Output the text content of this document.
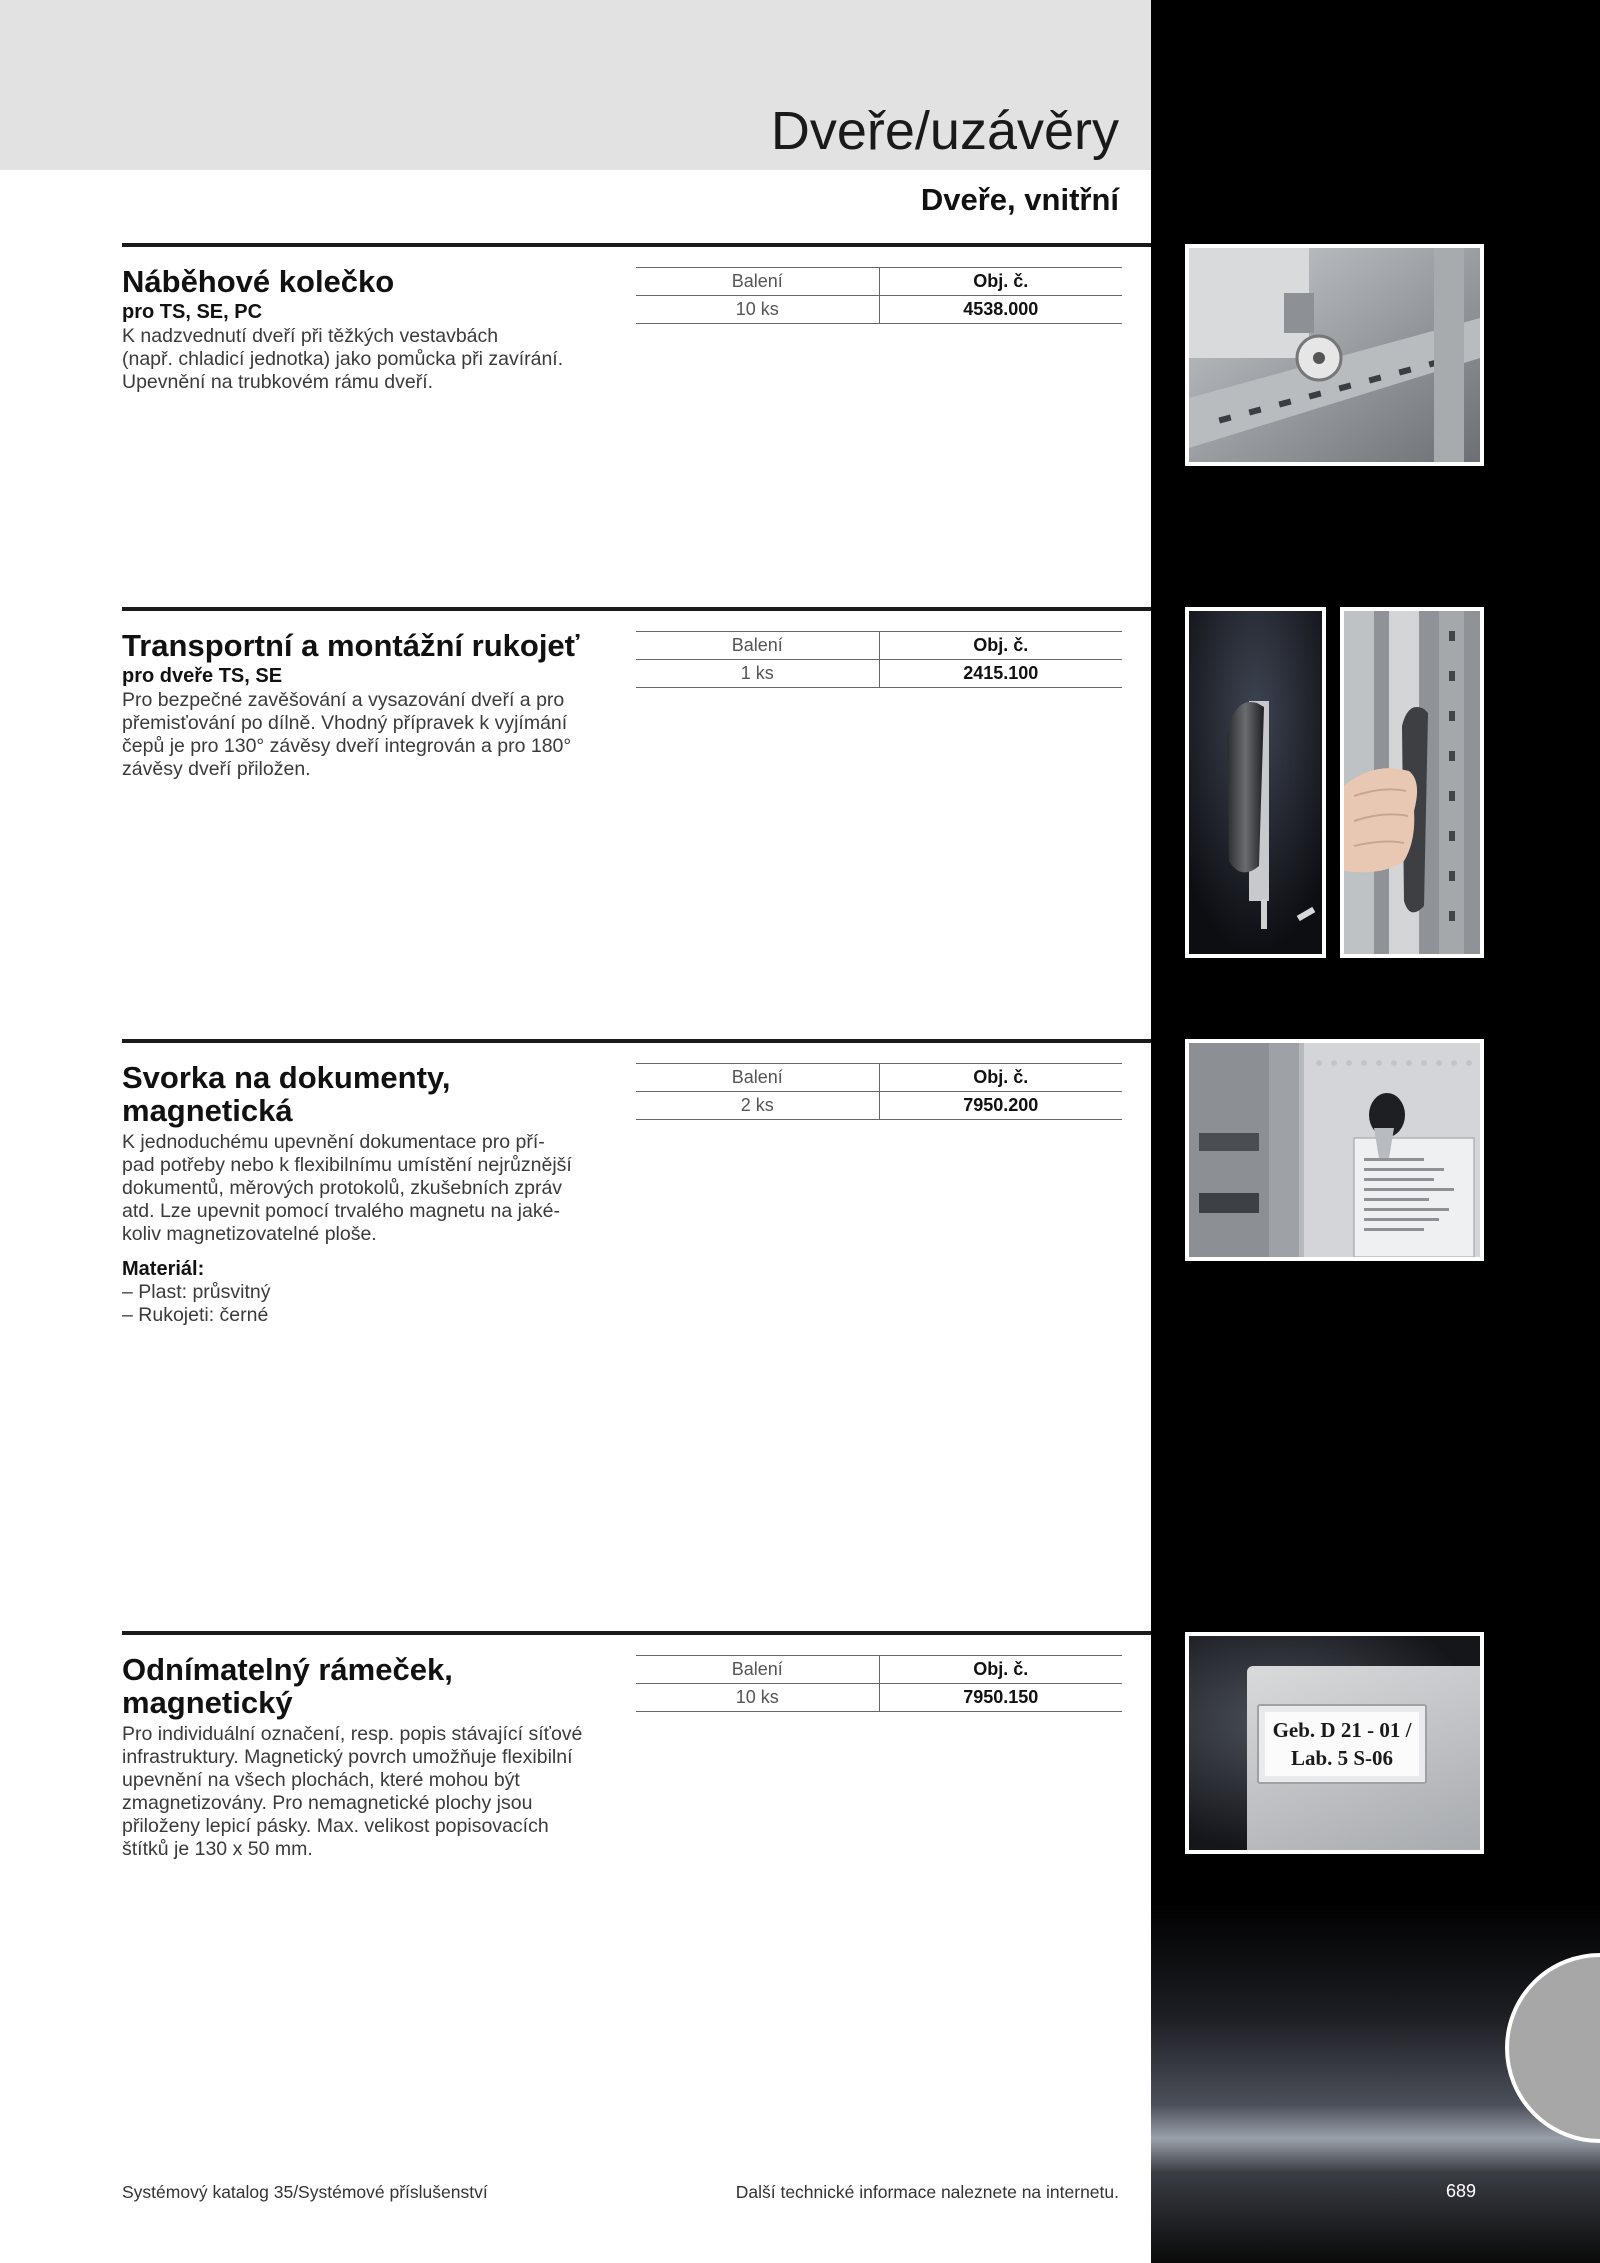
Dveře/uzávěry
Dveře, vnitřní
Náběhové kolečko
pro TS, SE, PC
K nadzvednutí dveří při těžkých vestavbách
(např. chladicí jednotka) jako pomůcka při zavírání.
Upevnění na trubkovém rámu dveří.
Balení	Obj. č.
10 ks	4538.000
Transportní a montážní rukojeť
pro dveře TS, SE
Pro bezpečné zavěšování a vysazování dveří a pro
přemisťování po dílně. Vhodný přípravek k vyjímání
čepů je pro 130° závěsy dveří integrován a pro 180°
závěsy dveří přiložen.
Balení	Obj. č.
1 ks	2415.100
Svorka na dokumenty,
magnetická
K jednoduchému upevnění dokumentace pro pří-
pad potřeby nebo k flexibilnímu umístění nejrůznější
dokumentů, měrových protokolů, zkušebních zpráv
atd. Lze upevnit pomocí trvalého magnetu na jaké-
koliv magnetizovatelné ploše.
Materiál:
– Plast: průsvitný
– Rukojeti: černé
Balení	Obj. č.
2 ks	7950.200
Odnímatelný rámeček,
magnetický
Pro individuální označení, resp. popis stávající síťové
infrastruktury. Magnetický povrch umožňuje flexibilní
upevnění na všech plochách, které mohou být
zmagnetizovány. Pro nemagnetické plochy jsou
přiloženy lepicí pásky. Max. velikost popisovacích
štítků je 130 x 50 mm.
Balení	Obj. č.
10 ks	7950.150
Geb. D 21 - 01 /
Lab. 5 S-06
Systémový katalog 35/Systémové příslušenství	Další technické informace naleznete na internetu.	689
